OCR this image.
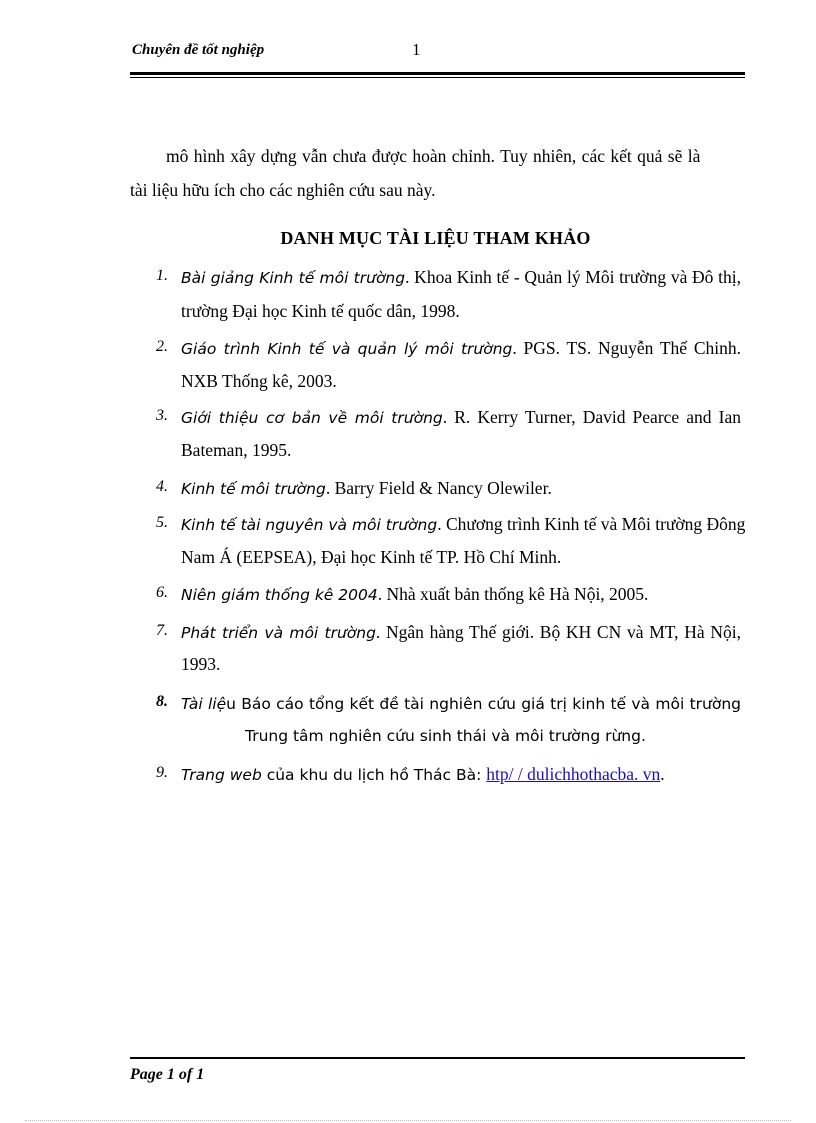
Chuyên đề tốt nghiệp	1
mô hình xây dựng vẫn chưa được hoàn chỉnh. Tuy nhiên, các kết quả sẽ là
tài liệu hữu ích cho các nghiên cứu sau này.
DANH MỤC TÀI LIỆU THAM KHẢO
1. Bài giảng Kinh tế môi trường. Khoa Kinh tế - Quản lý Môi trường và Đô thị,
trường Đại học Kinh tế quốc dân, 1998.
2. Giáo trình Kinh tế và quản lý môi trường. PGS. TS. Nguyễn Thế Chinh.
NXB Thống kê, 2003.
3. Giới thiệu cơ bản về môi trường. R. Kerry Turner, David Pearce and Ian
Bateman, 1995.
4. Kinh tế môi trường. Barry Field & Nancy Olewiler.
5. Kinh tế tài nguyên và môi trường. Chương trình Kinh tế và Môi trường Đông
Nam Á (EEPSEA), Đại học Kinh tế TP. Hồ Chí Minh.
6. Niên giám thống kê 2004. Nhà xuất bản thống kê Hà Nội, 2005.
7. Phát triển và môi trường. Ngân hàng Thế giới. Bộ KH CN và MT, Hà Nội,
1993.
8. Tài liệu Báo cáo tổng kết đề tài nghiên cứu giá trị kinh tế và môi trường
Trung tâm nghiên cứu sinh thái và môi trường rừng.
9. Trang web của khu du lịch hồ Thác Bà: htp/ / dulichhothacba. vn.
Page 1 of 1
